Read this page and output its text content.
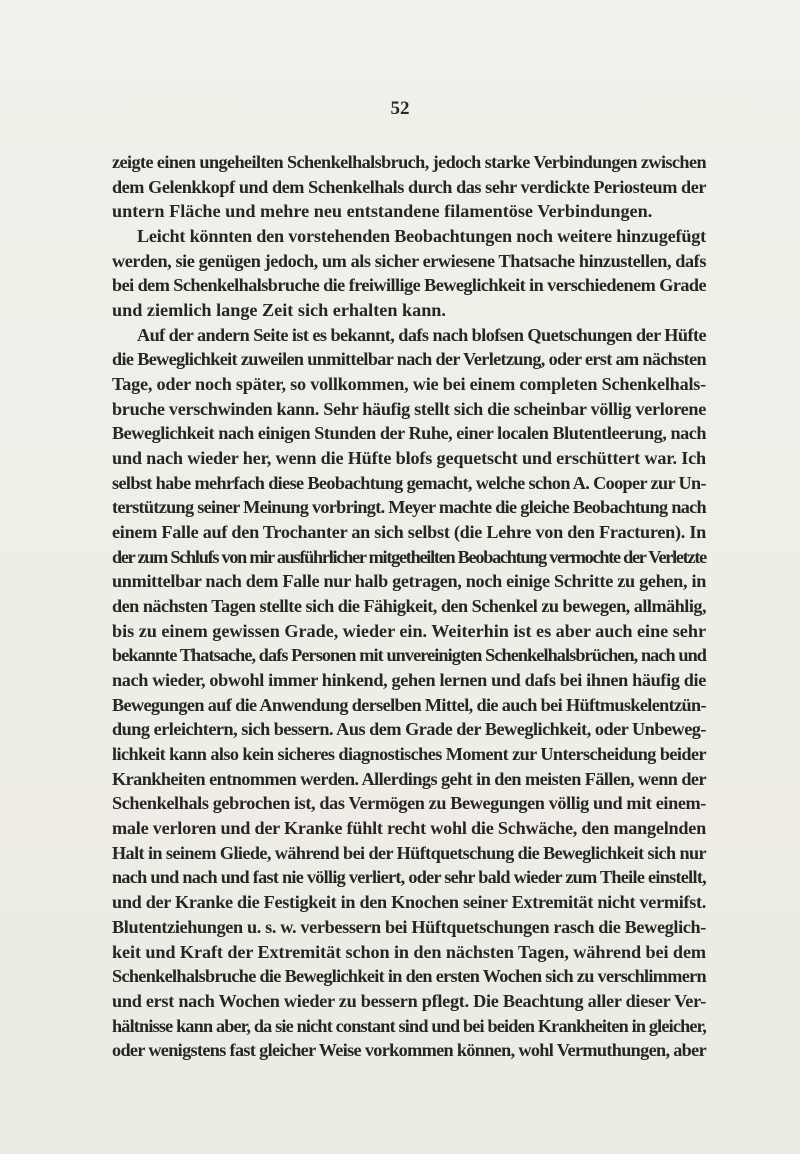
52

zeigte einen ungeheilten Schenkelhalsbruch, jedoch starke Verbindungen zwischen
dem Gelenkkopf und dem Schenkelhals durch das sehr verdickte Periosteum der
untern Fläche und mehre neu entstandene filamentöse Verbindungen.
Leicht könnten den vorstehenden Beobachtungen noch weitere hinzugefügt
werden, sie genügen jedoch, um als sicher erwiesene Thatsache hinzustellen, dafs
bei dem Schenkelhalsbruche die freiwillige Beweglichkeit in verschiedenem Grade
und ziemlich lange Zeit sich erhalten kann.
Auf der andern Seite ist es bekannt, dafs nach blofsen Quetschungen der Hüfte
die Beweglichkeit zuweilen unmittelbar nach der Verletzung, oder erst am nächsten
Tage, oder noch später, so vollkommen, wie bei einem completen Schenkelhals-
bruche verschwinden kann. Sehr häufig stellt sich die scheinbar völlig verlorene
Beweglichkeit nach einigen Stunden der Ruhe, einer localen Blutentleerung, nach
und nach wieder her, wenn die Hüfte blofs gequetscht und erschüttert war. Ich
selbst habe mehrfach diese Beobachtung gemacht, welche schon A. Cooper zur Un-
terstützung seiner Meinung vorbringt. Meyer machte die gleiche Beobachtung nach
einem Falle auf den Trochanter an sich selbst (die Lehre von den Fracturen). In
der zum Schlufs von mir ausführlicher mitgetheilten Beobachtung vermochte der Verletzte
unmittelbar nach dem Falle nur halb getragen, noch einige Schritte zu gehen, in
den nächsten Tagen stellte sich die Fähigkeit, den Schenkel zu bewegen, allmählig,
bis zu einem gewissen Grade, wieder ein. Weiterhin ist es aber auch eine sehr
bekannte Thatsache, dafs Personen mit unvereinigten Schenkelhalsbrüchen, nach und
nach wieder, obwohl immer hinkend, gehen lernen und dafs bei ihnen häufig die
Bewegungen auf die Anwendung derselben Mittel, die auch bei Hüftmuskelentzün-
dung erleichtern, sich bessern. Aus dem Grade der Beweglichkeit, oder Unbeweg-
lichkeit kann also kein sicheres diagnostisches Moment zur Unterscheidung beider
Krankheiten entnommen werden. Allerdings geht in den meisten Fällen, wenn der
Schenkelhals gebrochen ist, das Vermögen zu Bewegungen völlig und mit einem-
male verloren und der Kranke fühlt recht wohl die Schwäche, den mangelnden
Halt in seinem Gliede, während bei der Hüftquetschung die Beweglichkeit sich nur
nach und nach und fast nie völlig verliert, oder sehr bald wieder zum Theile einstellt,
und der Kranke die Festigkeit in den Knochen seiner Extremität nicht vermifst.
Blutentziehungen u. s. w. verbessern bei Hüftquetschungen rasch die Beweglich-
keit und Kraft der Extremität schon in den nächsten Tagen, während bei dem
Schenkelhalsbruche die Beweglichkeit in den ersten Wochen sich zu verschlimmern
und erst nach Wochen wieder zu bessern pflegt. Die Beachtung aller dieser Ver-
hältnisse kann aber, da sie nicht constant sind und bei beiden Krankheiten in gleicher,
oder wenigstens fast gleicher Weise vorkommen können, wohl Vermuthungen, aber
